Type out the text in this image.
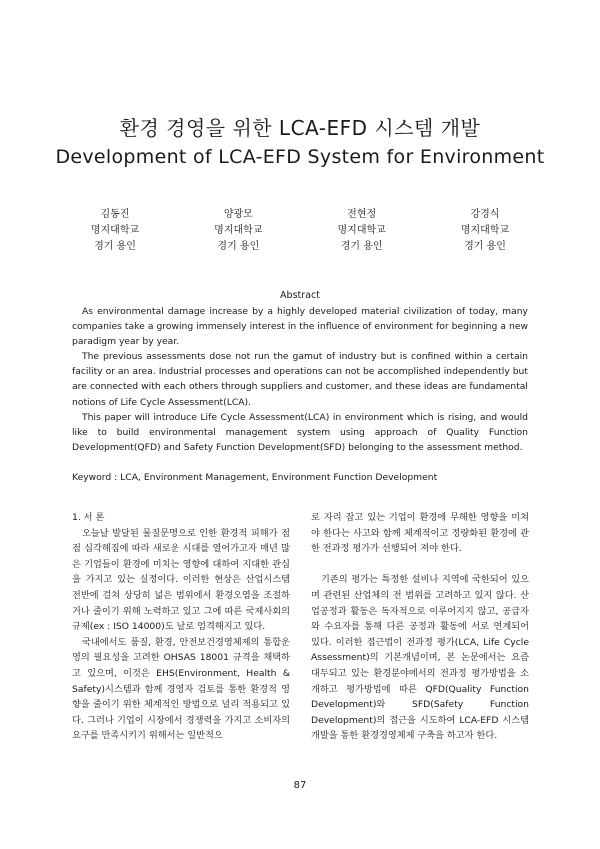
환경 경영을 위한 LCA-EFD 시스템 개발
Development of LCA-EFD System for Environment
김동진
명지대학교
경기 용인
양광모
명지대학교
경기 용인
전현정
명지대학교
경기 용인
강경식
명지대학교
경기 용인
Abstract

As environmental damage increase by a highly developed material civilization of today, many companies take a growing immensely interest in the influence of environment for beginning a new paradigm year by year.

The previous assessments dose not run the gamut of industry but is confined within a certain facility or an area. Industrial processes and operations can not be accomplished independently but are connected with each others through suppliers and customer, and these ideas are fundamental notions of Life Cycle Assessment(LCA).

This paper will introduce Life Cycle Assessment(LCA) in environment which is rising, and would like to build environmental management system using approach of Quality Function Development(QFD) and Safety Function Development(SFD) belonging to the assessment method.

Keyword : LCA, Environment Management, Environment Function Development

1. 서 론

오늘날 발달된 물질문명으로 인한 환경적 피해가 점점 심각해짐에 따라 새로운 시대를 열어가고자 매년 많은 기업들이 환경에 미치는 영향에 대하여 지대한 관심을 가지고 있는 실정이다. 이러한 현상은 산업시스템 전반에 걸쳐 상당히 넓은 범위에서 환경오염을 조절하거나 줄이기 위해 노력하고 있고 그에 따른 국제사회의 규제(ex : ISO 14000)도 날로 엄격해지고 있다.

국내에서도 품질, 환경, 안전보건경영체제의 통합운영의 필요성을 고려한 OHSAS 18001 규격을 채택하고 있으며, 이것은 EHS(Environment, Health & Safety)시스템과 함께 경영자 검토를 통한 환경적 영향을 줄이기 위한 체계적인 방법으로 널리 적용되고 있다. 그러나 기업이 시장에서 경쟁력을 가지고 소비자의 요구를 만족시키기 위해서는 일반적으

로 자리 잡고 있는 기업이 환경에 무해한 영향을 미쳐야 한다는 사고와 함께 체계적이고 정량화된 환경에 관한 전과정 평가가 선행되어 져야 한다.

기존의 평가는 특정한 설비나 지역에 국한되어 있으며 관련된 산업체의 전 범위를 고려하고 있지 않다. 산업공정과 활동은 독자적으로 이루어지지 않고, 공급자와 수요자를 통해 다른 공정과 활동에 서로 연계되어 있다. 이러한 접근법이 전과정 평가(LCA, Life Cycle Assessment)의 기본개념이며, 본 논문에서는 요즘 대두되고 있는 환경분야에서의 전과정 평가방법을 소개하고 평가방법에 따른 QFD(Quality Function Development)와 SFD(Safety Function Development)의 접근을 시도하여 LCA-EFD 시스템 개발을 통한 환경경영체제 구축을 하고자 한다.

87
